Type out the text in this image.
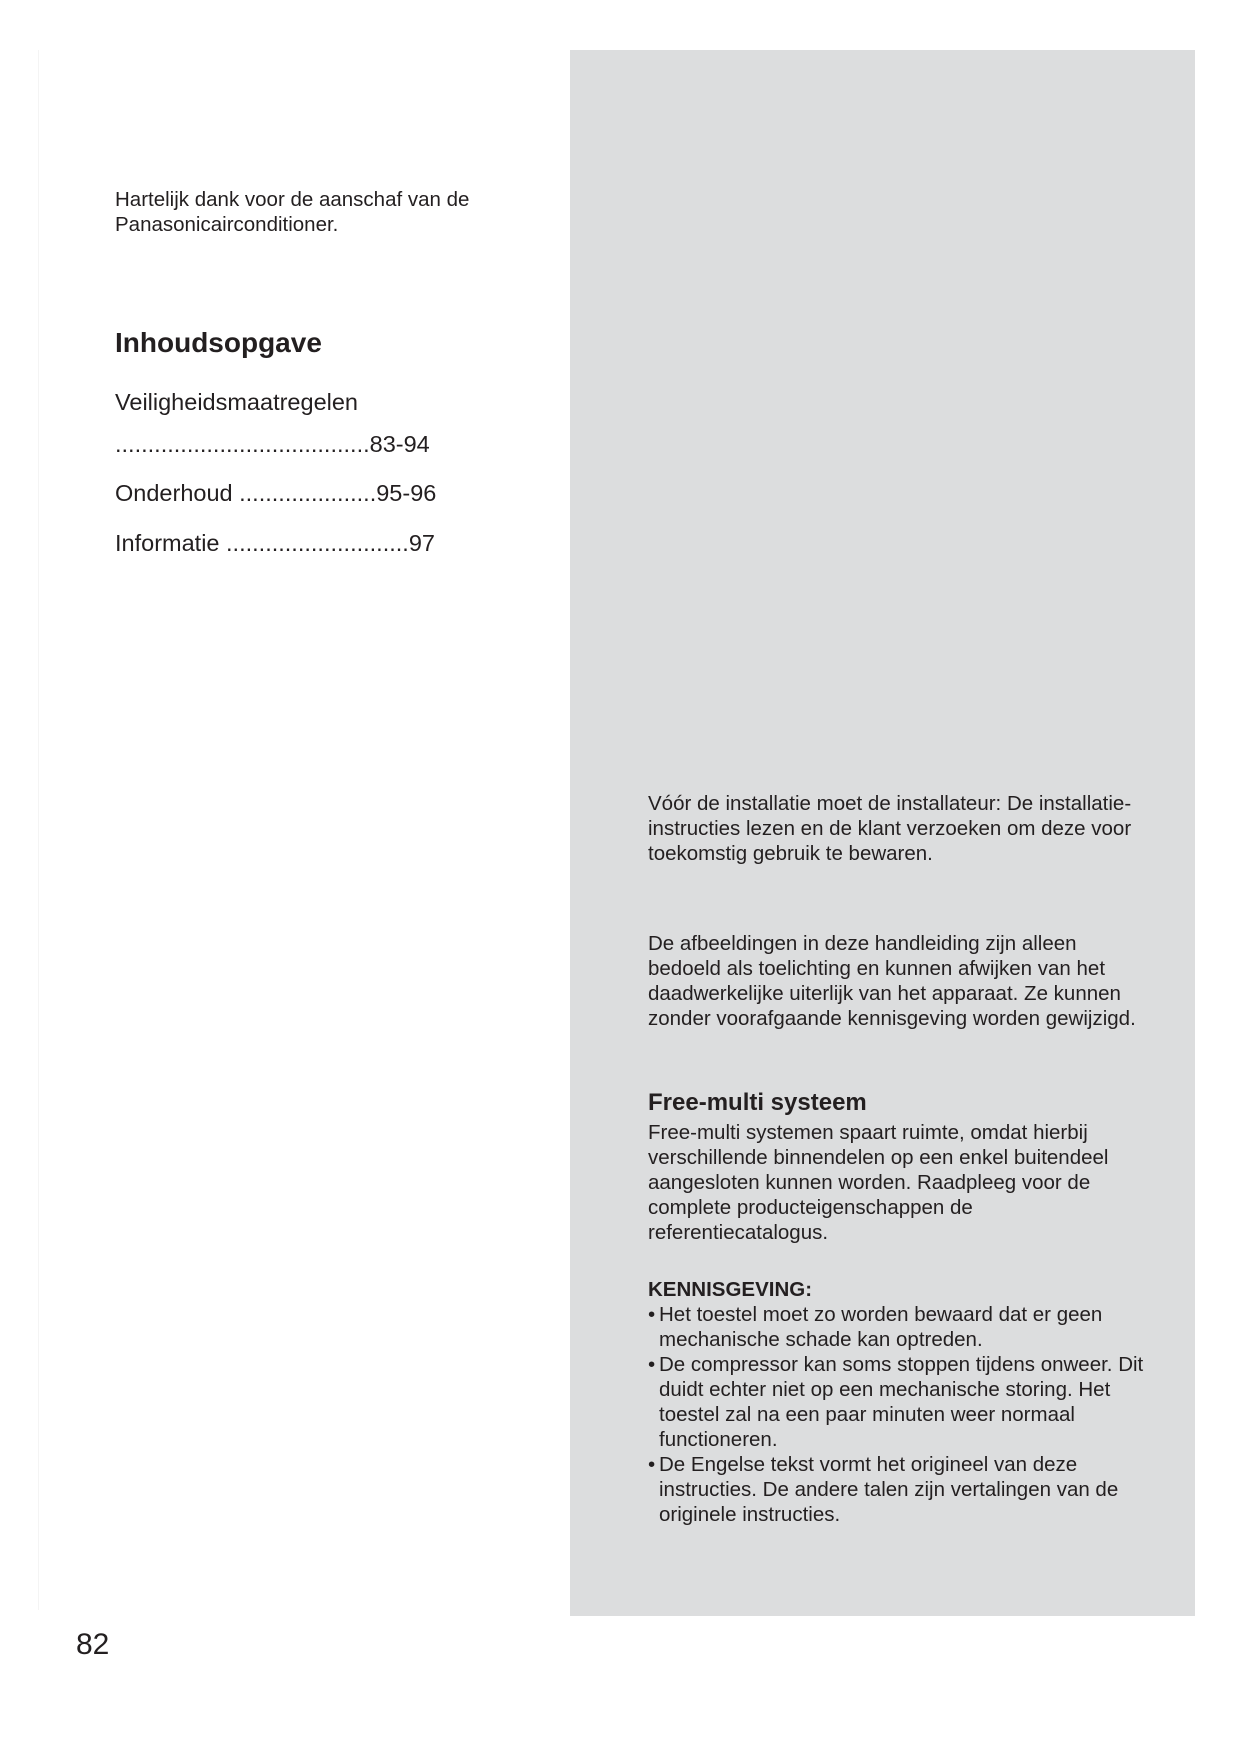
Hartelijk dank voor de aanschaf van de Panasonicairconditioner.
Inhoudsopgave
Veiligheidsmaatregelen
.......................................83-94
Onderhoud .....................95-96
Informatie ............................97
Vóór de installatie moet de installateur: De installatie-instructies lezen en de klant verzoeken om deze voor toekomstig gebruik te bewaren.
De afbeeldingen in deze handleiding zijn alleen bedoeld als toelichting en kunnen afwijken van het daadwerkelijke uiterlijk van het apparaat. Ze kunnen zonder voorafgaande kennisgeving worden gewijzigd.
Free-multi systeem
Free-multi systemen spaart ruimte, omdat hierbij verschillende binnendelen op een enkel buitendeel aangesloten kunnen worden. Raadpleeg voor de complete producteigenschappen de referentiecatalogus.
KENNISGEVING:
• Het toestel moet zo worden bewaard dat er geen mechanische schade kan optreden.
• De compressor kan soms stoppen tijdens onweer. Dit duidt echter niet op een mechanische storing. Het toestel zal na een paar minuten weer normaal functioneren.
• De Engelse tekst vormt het origineel van deze instructies. De andere talen zijn vertalingen van de originele instructies.
82
